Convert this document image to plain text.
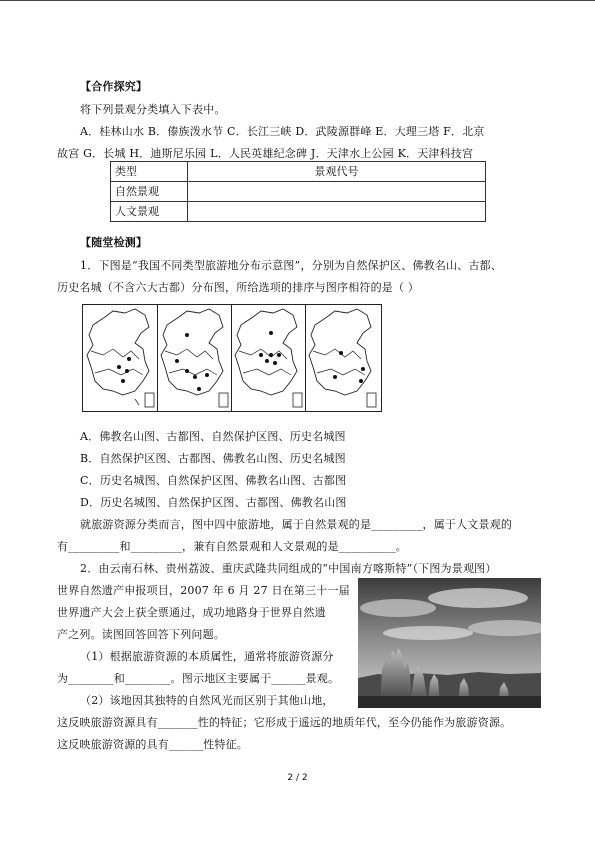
【合作探究】
将下列景观分类填入下表中。
A．桂林山水 B．傣族泼水节 C．长江三峡 D．武陵源群峰 E．大理三塔 F．北京
故宫 G．长城 H．迪斯尼乐园 L．人民英雄纪念碑 J．天津水上公园 K．天津科技宫
类型	景观代号
自然景观	
人文景观	
【随堂检测】
1．下图是“我国不同类型旅游地分布示意图”，分别为自然保护区、佛教名山、古都、
历史名城（不含六大古都）分布图，所给选项的排序与图序相符的是（ ）
A．佛教名山图、古都图、自然保护区图、历史名城图
B．自然保护区图、古都图、佛教名山图、历史名城图
C．历史名城图、自然保护区图、佛教名山图、古都图
D．历史名城图、自然保护区图、古都图、佛教名山图
就旅游资源分类而言，图中四中旅游地，属于自然景观的是_________，属于人文景观的
有_________和_________，兼有自然景观和人文景观的是__________。
2．由云南石林、贵州荔波、重庆武隆共同组成的“中国南方喀斯特”（下图为景观图）
世界自然遗产申报项目，2007 年 6 月 27 日在第三十一届
世界遗产大会上获全票通过，成功地路身于世界自然遗
产之列。读图回答回答下列问题。
（1）根据旅游资源的本质属性，通常将旅游资源分
为________和________。图示地区主要属于______景观。
（2）该地因其独特的自然风光而区别于其他山地，
这反映旅游资源具有_______性的特征；它形成于遥远的地质年代，至今仍能作为旅游资源。
这反映旅游资源的具有______性特征。
2 / 2
